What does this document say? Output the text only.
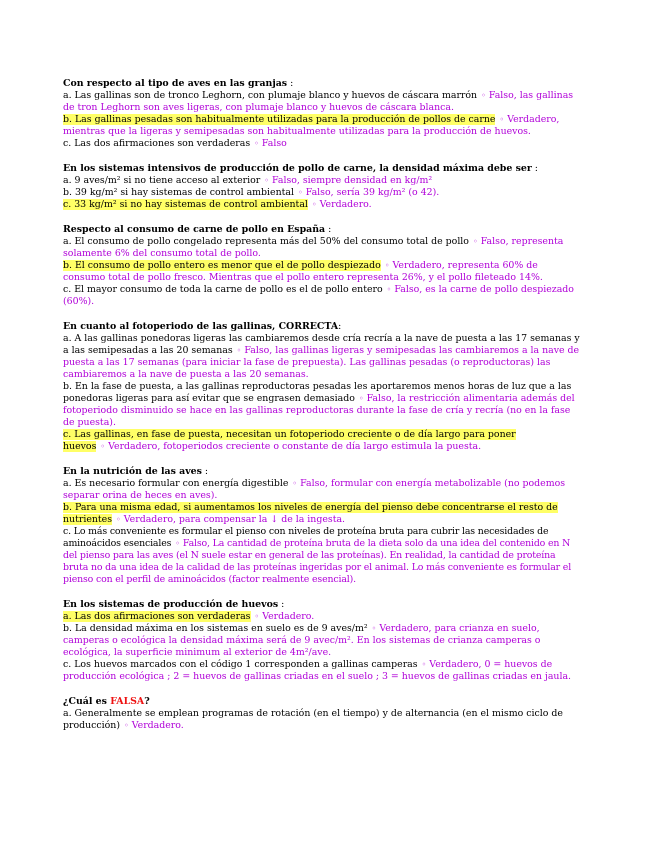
Con respecto al tipo de aves en las granjas :
a. Las gallinas son de tronco Leghorn, con plumaje blanco y huevos de cáscara marrón ◦ Falso, las gallinas de tron Leghorn son aves ligeras, con plumaje blanco y huevos de cáscara blanca.
b. Las gallinas pesadas son habitualmente utilizadas para la producción de pollos de carne ◦ Verdadero, mientras que la ligeras y semipesadas son habitualmente utilizadas para la producción de huevos.
c. Las dos afirmaciones son verdaderas ◦ Falso
En los sistemas intensivos de producción de pollo de carne, la densidad máxima debe ser :
a. 9 aves/m² si no tiene acceso al exterior ◦ Falso, siempre densidad en kg/m²
b. 39 kg/m² si hay sistemas de control ambiental ◦ Falso, sería 39 kg/m² (o 42).
c. 33 kg/m² si no hay sistemas de control ambiental ◦ Verdadero.
Respecto al consumo de carne de pollo en España :
a. El consumo de pollo congelado representa más del 50% del consumo total de pollo ◦ Falso, representa solamente 6% del consumo total de pollo.
b. El consumo de pollo entero es menor que el de pollo despiezado ◦ Verdadero, representa 60% de consumo total de pollo fresco. Mientras que el pollo entero representa 26%, y el pollo fileteado 14%.
c. El mayor consumo de toda la carne de pollo es el de pollo entero ◦ Falso, es la carne de pollo despiezado (60%).
En cuanto al fotoperiodo de las gallinas, CORRECTA:
a. A las gallinas ponedoras ligeras las cambiaremos desde cría recría a la nave de puesta a las 17 semanas y a las semipesadas a las 20 semanas ◦ Falso, las gallinas ligeras y semipesadas las cambiaremos a la nave de puesta a las 17 semanas (para iniciar la fase de prepuesta). Las gallinas pesadas (o reproductoras) las cambiaremos a la nave de puesta a las 20 semanas.
b. En la fase de puesta, a las gallinas reproductoras pesadas les aportaremos menos horas de luz que a las ponedoras ligeras para así evitar que se engrasen demasiado ◦ Falso, la restricción alimentaria además del fotoperiodo disminuido se hace en las gallinas reproductoras durante la fase de cría y recría (no en la fase de puesta).
c. Las gallinas, en fase de puesta, necesitan un fotoperiodo creciente o de día largo para poner huevos ◦ Verdadero, fotoperiodos creciente o constante de día largo estimula la puesta.
En la nutrición de las aves :
a. Es necesario formular con energía digestible ◦ Falso, formular con energía metabolizable (no podemos separar orina de heces en aves).
b. Para una misma edad, si aumentamos los niveles de energía del pienso debe concentrarse el resto de nutrientes ◦ Verdadero, para compensar la ↓ de la ingesta.
c. Lo más conveniente es formular el pienso con niveles de proteína bruta para cubrir las necesidades de aminoácidos esenciales ◦ Falso, La cantidad de proteína bruta de la dieta solo da una idea del contenido en N del pienso para las aves (el N suele estar en general de las proteínas). En realidad, la cantidad de proteína bruta no da una idea de la calidad de las proteínas ingeridas por el animal. Lo más conveniente es formular el pienso con el perfil de aminoácidos (factor realmente esencial).
En los sistemas de producción de huevos :
a. Las dos afirmaciones son verdaderas ◦ Verdadero.
b. La densidad máxima en los sistemas en suelo es de 9 aves/m² ◦ Verdadero, para crianza en suelo, camperas o ecológica la densidad máxima será de 9 avec/m². En los sistemas de crianza camperas o ecológica, la superficie minimum al exterior de 4m²/ave.
c. Los huevos marcados con el código 1 corresponden a gallinas camperas ◦ Verdadero, 0 = huevos de producción ecológica ; 2 = huevos de gallinas criadas en el suelo ; 3 = huevos de gallinas criadas en jaula.
¿Cuál es FALSA?
a. Generalmente se emplean programas de rotación (en el tiempo) y de alternancia (en el mismo ciclo de producción) ◦ Verdadero.
